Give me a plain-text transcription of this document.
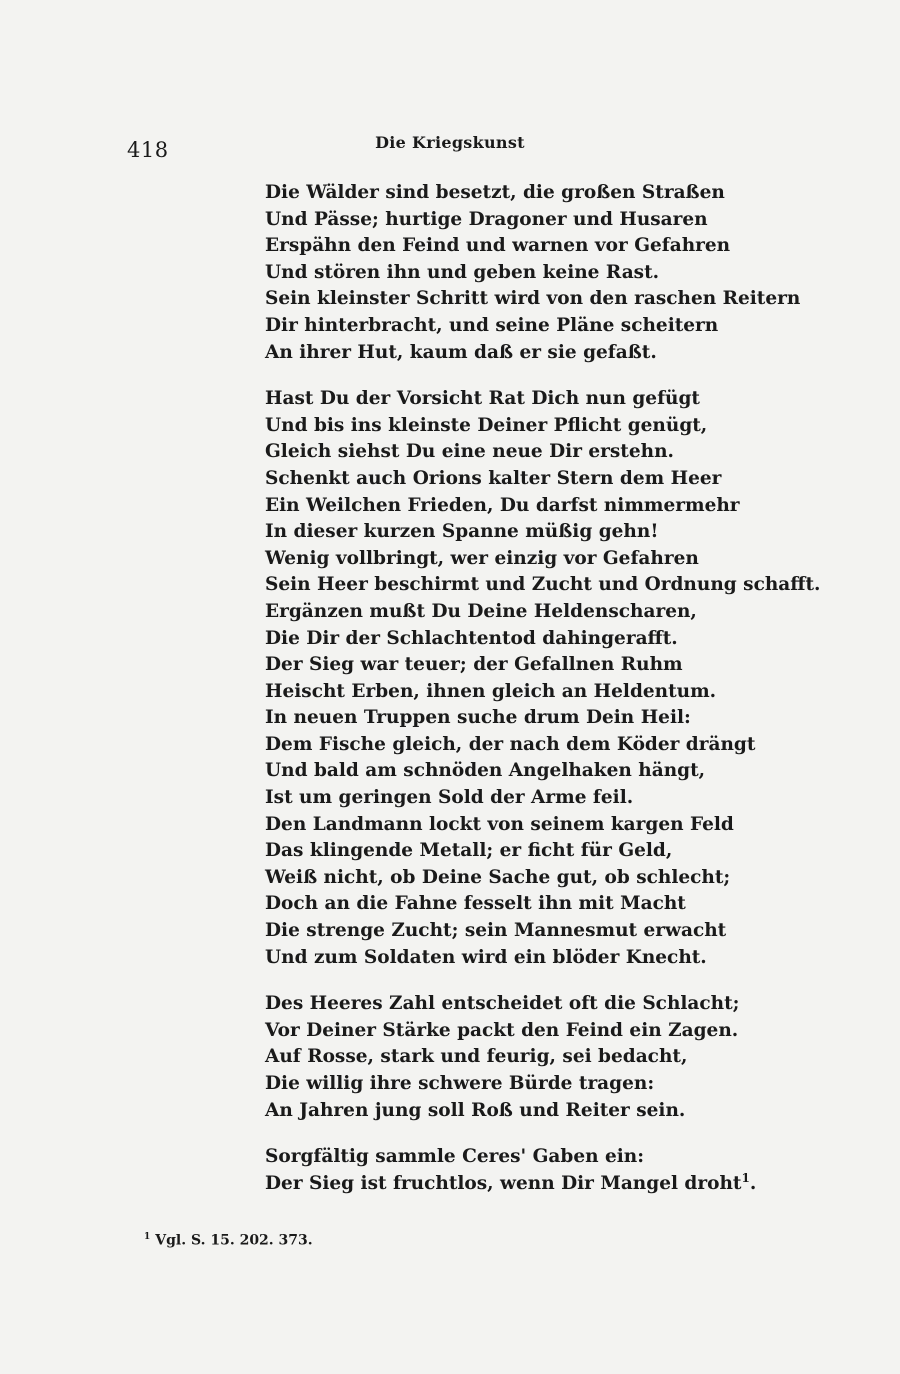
418	Die Kriegskunst
Die Wälder sind besetzt, die großen Straßen
Und Pässe; hurtige Dragoner und Husaren
Erspähn den Feind und warnen vor Gefahren
Und stören ihn und geben keine Rast.
Sein kleinster Schritt wird von den raschen Reitern
Dir hinterbracht, und seine Pläne scheitern
An ihrer Hut, kaum daß er sie gefaßt.
Hast Du der Vorsicht Rat Dich nun gefügt
Und bis ins kleinste Deiner Pflicht genügt,
Gleich siehst Du eine neue Dir erstehn.
Schenkt auch Orions kalter Stern dem Heer
Ein Weilchen Frieden, Du darfst nimmermehr
In dieser kurzen Spanne müßig gehn!
Wenig vollbringt, wer einzig vor Gefahren
Sein Heer beschirmt und Zucht und Ordnung schafft.
Ergänzen mußt Du Deine Heldenscharen,
Die Dir der Schlachtentod dahingerafft.
Der Sieg war teuer; der Gefallnen Ruhm
Heischt Erben, ihnen gleich an Heldentum.
In neuen Truppen suche drum Dein Heil:
Dem Fische gleich, der nach dem Köder drängt
Und bald am schnöden Angelhaken hängt,
Ist um geringen Sold der Arme feil.
Den Landmann lockt von seinem kargen Feld
Das klingende Metall; er ficht für Geld,
Weiß nicht, ob Deine Sache gut, ob schlecht;
Doch an die Fahne fesselt ihn mit Macht
Die strenge Zucht; sein Mannesmut erwacht
Und zum Soldaten wird ein blöder Knecht.
Des Heeres Zahl entscheidet oft die Schlacht;
Vor Deiner Stärke packt den Feind ein Zagen.
Auf Rosse, stark und feurig, sei bedacht,
Die willig ihre schwere Bürde tragen:
An Jahren jung soll Roß und Reiter sein.
Sorgfältig sammle Ceres' Gaben ein:
Der Sieg ist fruchtlos, wenn Dir Mangel droht$^1$.
$^1$ Vgl. S. 15. 202. 373.
